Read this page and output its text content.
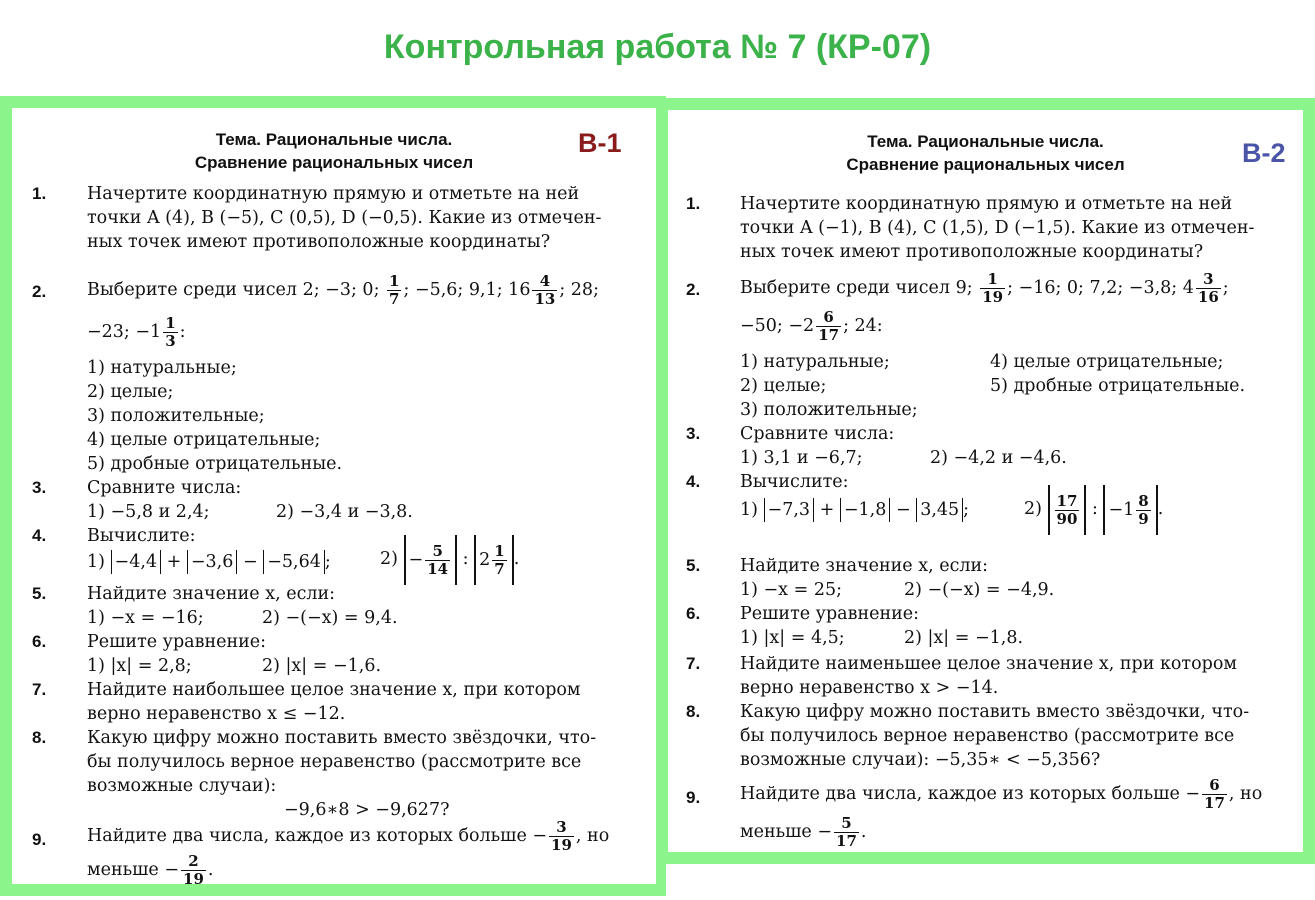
Контрольная работа № 7 (КР-07)
Тема. Рациональные числа.
Сравнение рациональных чисел
В-1
1. Начертите координатную прямую и отметьте на ней
точки A (4), B (−5), C (0,5), D (−0,5). Какие из отмечен-
ных точек имеют противоположные координаты?
2. Выберите среди чисел 2; −3; 0; $\frac{1}{7}$ ; −5,6; 9,1; $16 \frac{4}{13}$ ; 28;
−23; $-1 \frac{1}{3}$ :
1) натуральные;
2) целые;
3) положительные;
4) целые отрицательные;
5) дробные отрицательные.
3. Сравните числа:
1) −5,8 и 2,4;	2) −3,4 и −3,8.
4. Вычислите:
1) −4,4 + −3,6 − −5,64 ;	$2) - \frac{5}{14}$ : $2 \frac{1}{7}$ .
5. Найдите значение x, если:
1) −x = −16;	2) −(−x) = 9,4.
6. Решите уравнение:
1) |x| = 2,8;	2) |x| = −1,6.
7. Найдите наибольшее целое значение x, при котором
верно неравенство x ≤ −12.
8. Какую цифру можно поставить вместо звёздочки, что-
бы получилось верное неравенство (рассмотрите все
возможные случаи):
−9,6∗8 > −9,627?
9. Найдите два числа, каждое из которых больше − $\frac{3}{19}$ , но
меньше − $\frac{2}{19}$ .
Тема. Рациональные числа.
Сравнение рациональных чисел	В-2
1. Начертите координатную прямую и отметьте на ней
точки A (−1), B (4), C (1,5), D (−1,5). Какие из отмечен-
ных точек имеют противоположные координаты?
2. Выберите среди чисел 9; $\frac{1}{19}$ ; −16; 0; 7,2; −3,8; $4 \frac{3}{16}$ ;
−50; $-2 \frac{6}{17}$ ; 24:
1) натуральные;	4) целые отрицательные;
2) целые;	5) дробные отрицательные.
3) положительные;
3. Сравните числа:
1) 3,1 и −6,7;	2) −4,2 и −4,6.
4. Вычислите:
1) −7,3 + −1,8 − 3,45 ;	$2) \frac{17}{90}$ : $-1 \frac{8}{9}$ .
5. Найдите значение x, если:
1) −x = 25;	2) −(−x) = −4,9.
6. Решите уравнение:
1) |x| = 4,5;	2) |x| = −1,8.
7. Найдите наименьшее целое значение x, при котором
верно неравенство x > −14.
8. Какую цифру можно поставить вместо звёздочки, что-
бы получилось верное неравенство (рассмотрите все
возможные случаи): −5,35∗ < −5,356?
9. Найдите два числа, каждое из которых больше − $\frac{6}{17}$ , но
меньше − $\frac{5}{17}$ .
